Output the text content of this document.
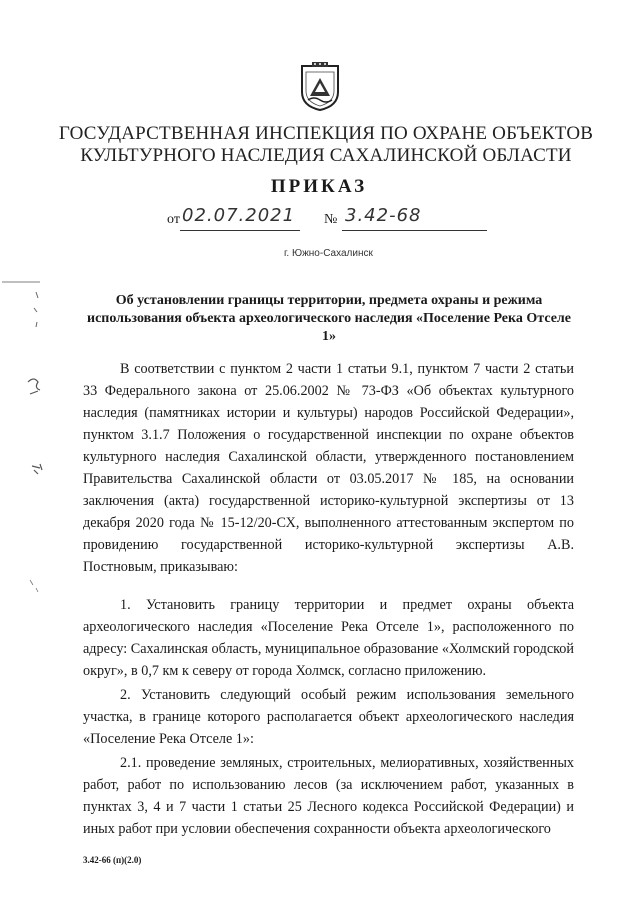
ГОСУДАРСТВЕННАЯ ИНСПЕКЦИЯ ПО ОХРАНЕ ОБЪЕКТОВ
КУЛЬТУРНОГО НАСЛЕДИЯ САХАЛИНСКОЙ ОБЛАСТИ
ПРИКАЗ
от 02.07.2021 № 3.42-68
г. Южно-Сахалинск
Об установлении границы территории, предмета охраны и режима использования объекта археологического наследия «Поселение Река Отселе 1»
В соответствии с пунктом 2 части 1 статьи 9.1, пунктом 7 части 2 статьи 33 Федерального закона от 25.06.2002 № 73-ФЗ «Об объектах культурного наследия (памятниках истории и культуры) народов Российской Федерации», пунктом 3.1.7 Положения о государственной инспекции по охране объектов культурного наследия Сахалинской области, утвержденного постановлением Правительства Сахалинской области от 03.05.2017 № 185, на основании заключения (акта) государственной историко-культурной экспертизы от 13 декабря 2020 года № 15-12/20-СХ, выполненного аттестованным экспертом по провидению государственной историко-культурной экспертизы А.В. Постновым, приказываю:
1. Установить границу территории и предмет охраны объекта археологического наследия «Поселение Река Отселе 1», расположенного по адресу: Сахалинская область, муниципальное образование «Холмский городской округ», в 0,7 км к северу от города Холмск, согласно приложению.
2. Установить следующий особый режим использования земельного участка, в границе которого располагается объект археологического наследия «Поселение Река Отселе 1»:
2.1. проведение земляных, строительных, мелиоративных, хозяйственных работ, работ по использованию лесов (за исключением работ, указанных в пунктах 3, 4 и 7 части 1 статьи 25 Лесного кодекса Российской Федерации) и иных работ при условии обеспечения сохранности объекта археологического
3.42-66 (п)(2.0)
